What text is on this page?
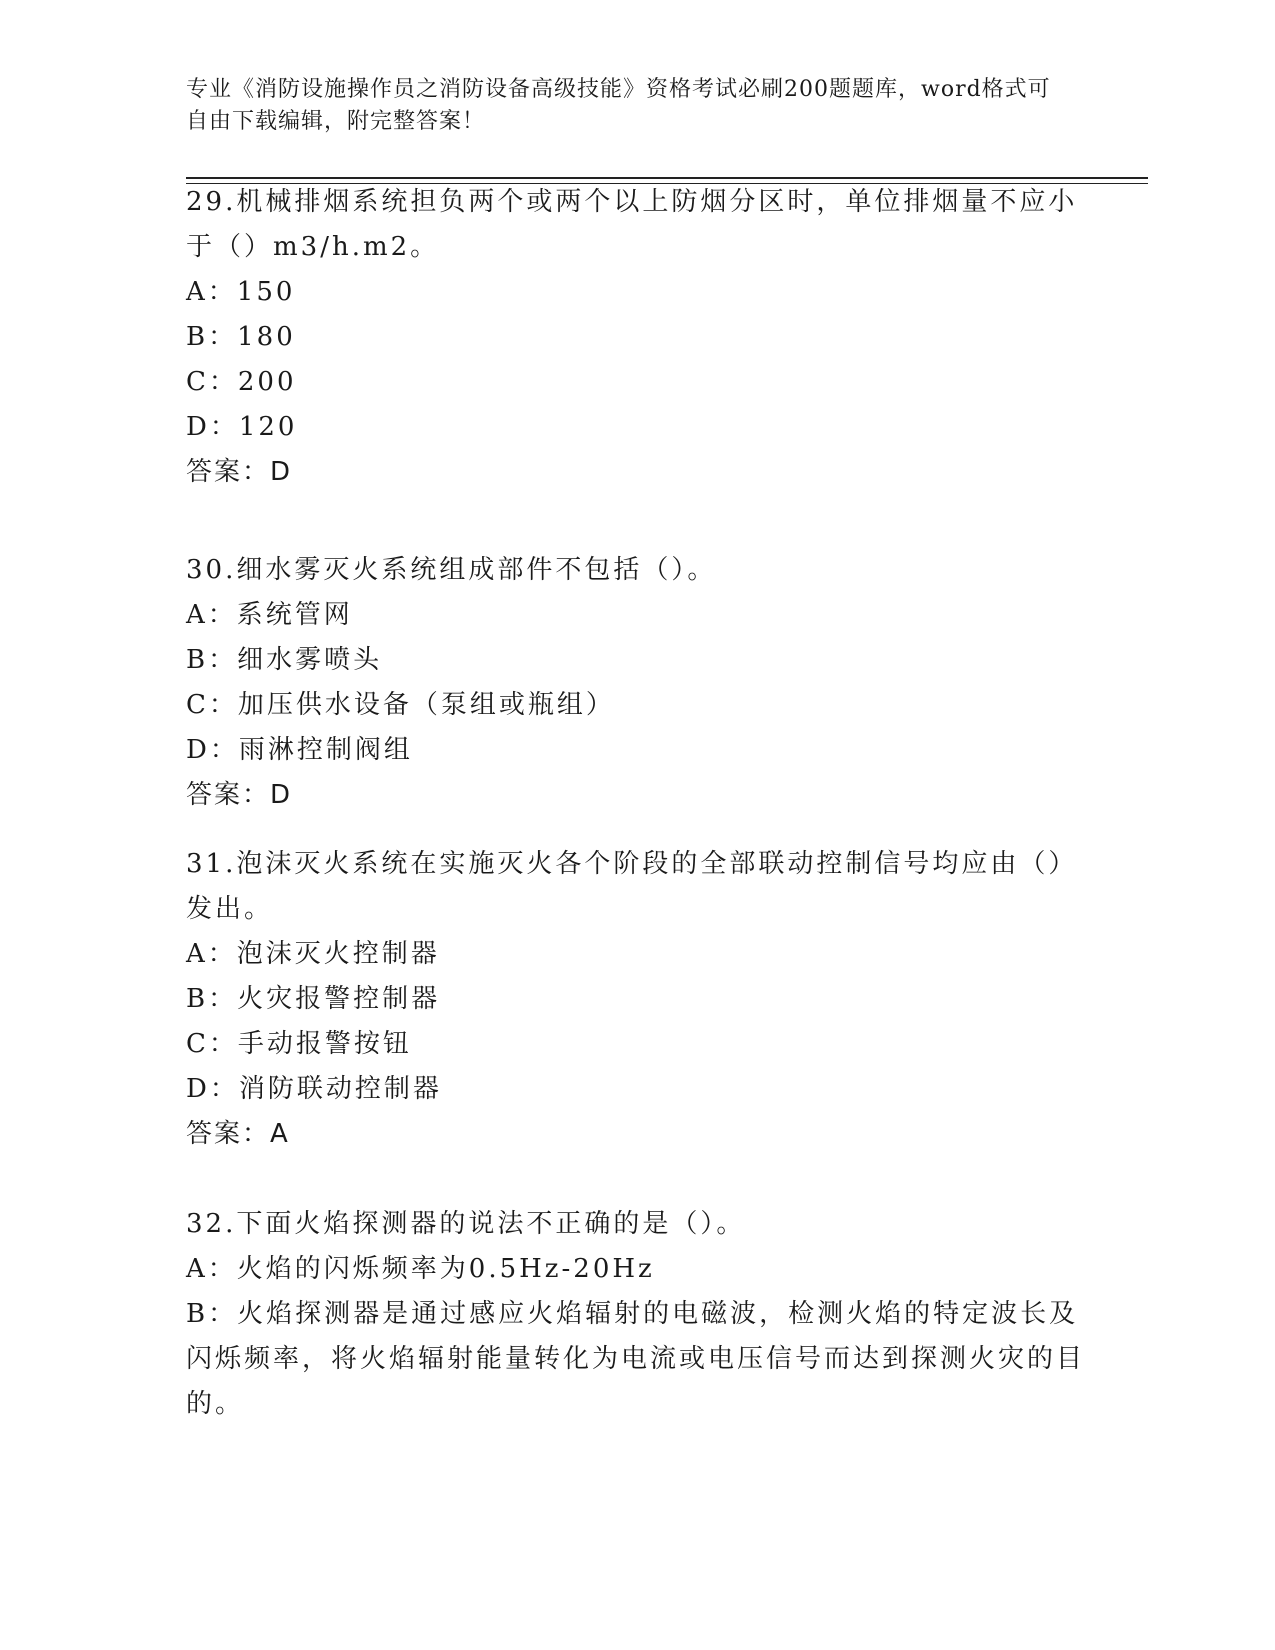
专业《消防设施操作员之消防设备高级技能》资格考试必刷200题题库，word格式可自由下载编辑，附完整答案！

29.机械排烟系统担负两个或两个以上防烟分区时，单位排烟量不应小于（）m3/h.m2。

A：150

B：180

C：200

D：120

答案：D

30.细水雾灭火系统组成部件不包括（）。

A：系统管网

B：细水雾喷头

C：加压供水设备（泵组或瓶组）

D：雨淋控制阀组

答案：D

31.泡沫灭火系统在实施灭火各个阶段的全部联动控制信号均应由（）发出。

A：泡沫灭火控制器

B：火灾报警控制器

C：手动报警按钮

D：消防联动控制器

答案：A

32.下面火焰探测器的说法不正确的是（）。

A：火焰的闪烁频率为0.5Hz-20Hz

B：火焰探测器是通过感应火焰辐射的电磁波，检测火焰的特定波长及闪烁频率，将火焰辐射能量转化为电流或电压信号而达到探测火灾的目的。
